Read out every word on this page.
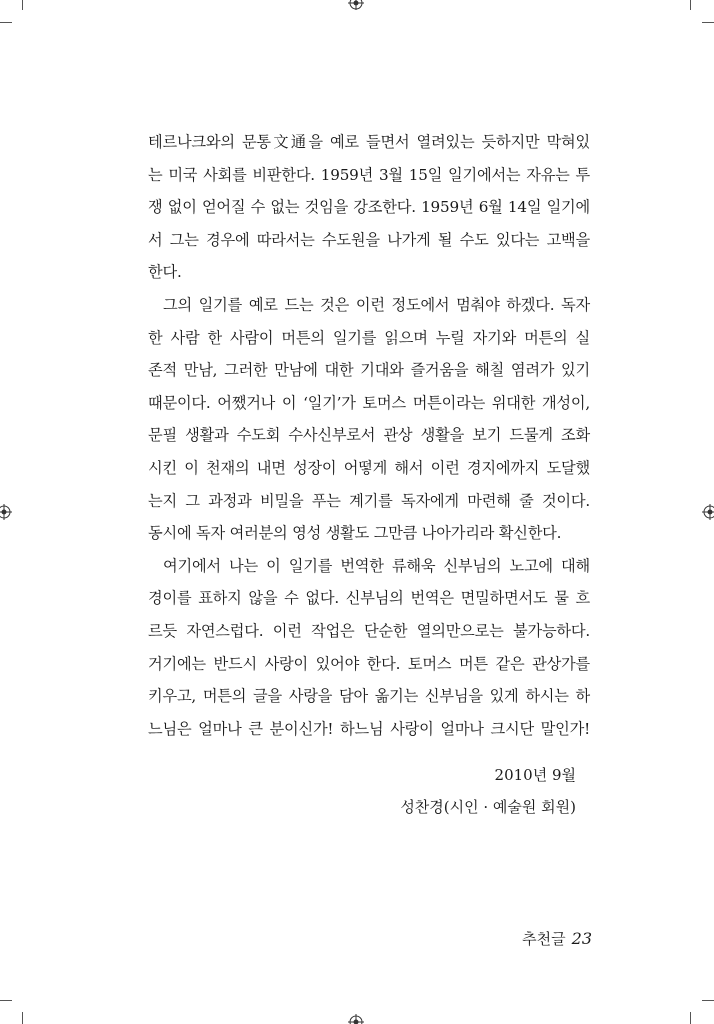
테르나크와의 문통文通을 예로 들면서 열려있는 듯하지만 막혀있
는 미국 사회를 비판한다. 1959년 3월 15일 일기에서는 자유는 투
쟁 없이 얻어질 수 없는 것임을 강조한다. 1959년 6월 14일 일기에
서 그는 경우에 따라서는 수도원을 나가게 될 수도 있다는 고백을
한다.
그의 일기를 예로 드는 것은 이런 정도에서 멈춰야 하겠다. 독자
한 사람 한 사람이 머튼의 일기를 읽으며 누릴 자기와 머튼의 실
존적 만남, 그러한 만남에 대한 기대와 즐거움을 해칠 염려가 있기
때문이다. 어쨌거나 이 ‘일기’가 토머스 머튼이라는 위대한 개성이,
문필 생활과 수도회 수사신부로서 관상 생활을 보기 드물게 조화
시킨 이 천재의 내면 성장이 어떻게 해서 이런 경지에까지 도달했
는지 그 과정과 비밀을 푸는 계기를 독자에게 마련해 줄 것이다.
동시에 독자 여러분의 영성 생활도 그만큼 나아가리라 확신한다.
여기에서 나는 이 일기를 번역한 류해욱 신부님의 노고에 대해
경이를 표하지 않을 수 없다. 신부님의 번역은 면밀하면서도 물 흐
르듯 자연스럽다. 이런 작업은 단순한 열의만으로는 불가능하다.
거기에는 반드시 사랑이 있어야 한다. 토머스 머튼 같은 관상가를
키우고, 머튼의 글을 사랑을 담아 옮기는 신부님을 있게 하시는 하
느님은 얼마나 큰 분이신가! 하느님 사랑이 얼마나 크시단 말인가!
2010년 9월
성찬경(시인 · 예술원 회원)
추천글 23
